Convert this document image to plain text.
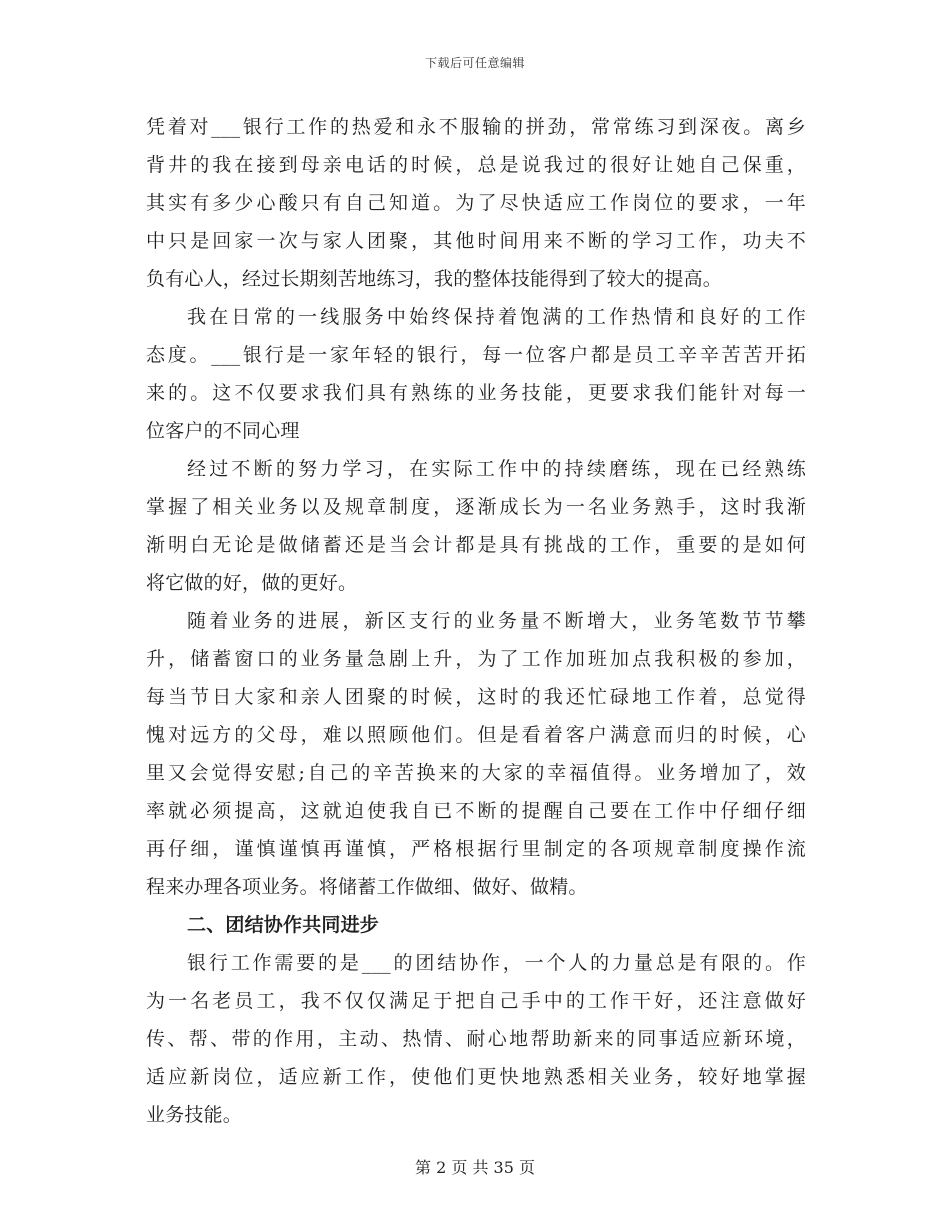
下载后可任意编辑
凭着对___银行工作的热爱和永不服输的拼劲，常常练习到深夜。离乡
背井的我在接到母亲电话的时候，总是说我过的很好让她自己保重，
其实有多少心酸只有自己知道。为了尽快适应工作岗位的要求，一年
中只是回家一次与家人团聚，其他时间用来不断的学习工作，功夫不
负有心人，经过长期刻苦地练习，我的整体技能得到了较大的提高。
我在日常的一线服务中始终保持着饱满的工作热情和良好的工作
态度。___银行是一家年轻的银行，每一位客户都是员工辛辛苦苦开拓
来的。这不仅要求我们具有熟练的业务技能，更要求我们能针对每一
位客户的不同心理
经过不断的努力学习，在实际工作中的持续磨练，现在已经熟练
掌握了相关业务以及规章制度，逐渐成长为一名业务熟手，这时我渐
渐明白无论是做储蓄还是当会计都是具有挑战的工作，重要的是如何
将它做的好，做的更好。
随着业务的进展，新区支行的业务量不断增大，业务笔数节节攀
升，储蓄窗口的业务量急剧上升，为了工作加班加点我积极的参加，
每当节日大家和亲人团聚的时候，这时的我还忙碌地工作着，总觉得
愧对远方的父母，难以照顾他们。但是看着客户满意而归的时候，心
里又会觉得安慰;自己的辛苦换来的大家的幸福值得。业务增加了，效
率就必须提高，这就迫使我自已不断的提醒自己要在工作中仔细仔细
再仔细，谨慎谨慎再谨慎，严格根据行里制定的各项规章制度操作流
程来办理各项业务。将储蓄工作做细、做好、做精。
二、团结协作共同进步
银行工作需要的是___的团结协作，一个人的力量总是有限的。作
为一名老员工，我不仅仅满足于把自己手中的工作干好，还注意做好
传、帮、带的作用，主动、热情、耐心地帮助新来的同事适应新环境，
适应新岗位，适应新工作，使他们更快地熟悉相关业务，较好地掌握
业务技能。
第 2 页 共 35 页
